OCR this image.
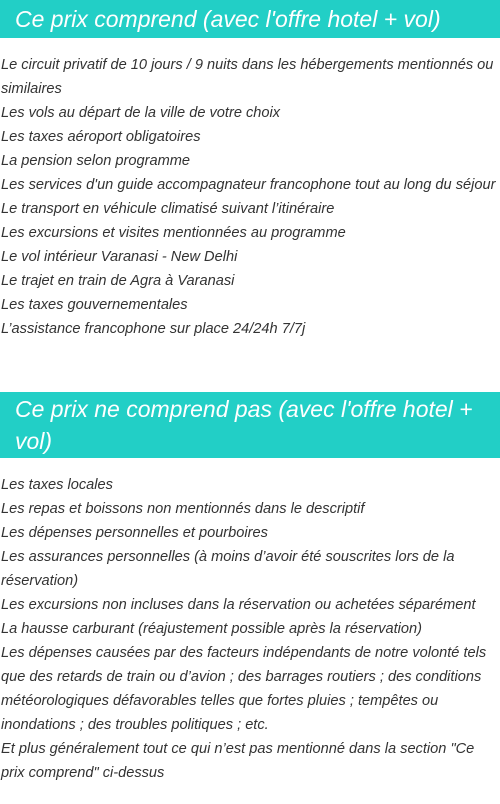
Ce prix comprend (avec l'offre hotel + vol)
Le circuit privatif de 10 jours / 9 nuits dans les hébergements mentionnés ou similaires
Les vols au départ de la ville de votre choix
Les taxes aéroport obligatoires
La pension selon programme
Les services d'un guide accompagnateur francophone tout au long du séjour
Le transport en véhicule climatisé suivant l’itinéraire
Les excursions et visites mentionnées au programme
Le vol intérieur Varanasi - New Delhi
Le trajet en train de Agra à Varanasi
Les taxes gouvernementales
L’assistance francophone sur place 24/24h 7/7j
Ce prix ne comprend pas (avec l'offre hotel + vol)
Les taxes locales
Les repas et boissons non mentionnés dans le descriptif
Les dépenses personnelles et pourboires
Les assurances personnelles (à moins d’avoir été souscrites lors de la réservation)
Les excursions non incluses dans la réservation ou achetées séparément
La hausse carburant (réajustement possible après la réservation)
Les dépenses causées par des facteurs indépendants de notre volonté tels que des retards de train ou d’avion ; des barrages routiers ; des conditions météorologiques défavorables telles que fortes pluies ; tempêtes ou inondations ; des troubles politiques ; etc.
Et plus généralement tout ce qui n’est pas mentionné dans la section "Ce prix comprend" ci-dessus
